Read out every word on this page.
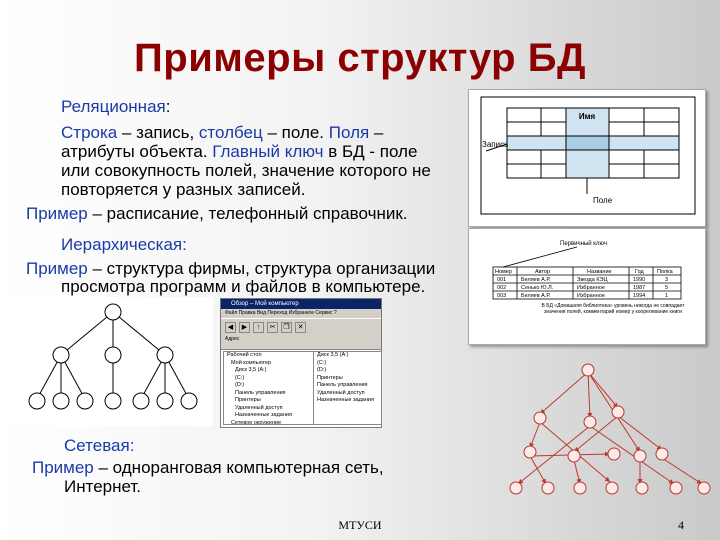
Примеры структур БД
Реляционная:
Строка – запись, столбец – поле. Поля –
атрибуты объекта. Главный ключ в БД - поле
или совокупность полей, значение которого не
повторяется у разных записей.
Пример – расписание, телефонный справочник.
Иерархическая:
Пример – структура фирмы, структура организации
просмотра программ и файлов в компьютере.
Сетевая:
Пример – одноранговая компьютерная сеть,
Интернет.
Имя
Запись
Поле
Первичный ключ
Номер	Автор	Название	Год Полка
001	Беляев А.Р.	Звезда КЭЦ	1990	3
002	Сенько Ю.Л.	Избранное	1987	5
003	Беляев А.Р.	Избранное	1994	1
В БД «Домашняя библиотека» уровень никогда не совпадает значения полей, комментарий номер у коорелевание книги
Обзор – Мой компьютер
Файл Правка Вид Переход Избранное Сервис ?
◀	▶	↑	✂	❐	✕
Адрес
Рабочий стол
Мой компьютер
Диск 3,5 (A:)
(C:)
(D:)
Панель управления
Принтеры
Удаленный доступ
Назначенные задания
Сетевое окружение
Диск 3,5 (A:)
(C:)
(D:)
Принтеры
Панель управления
Удаленный доступ
Назначенные задания
МТУСИ	4
